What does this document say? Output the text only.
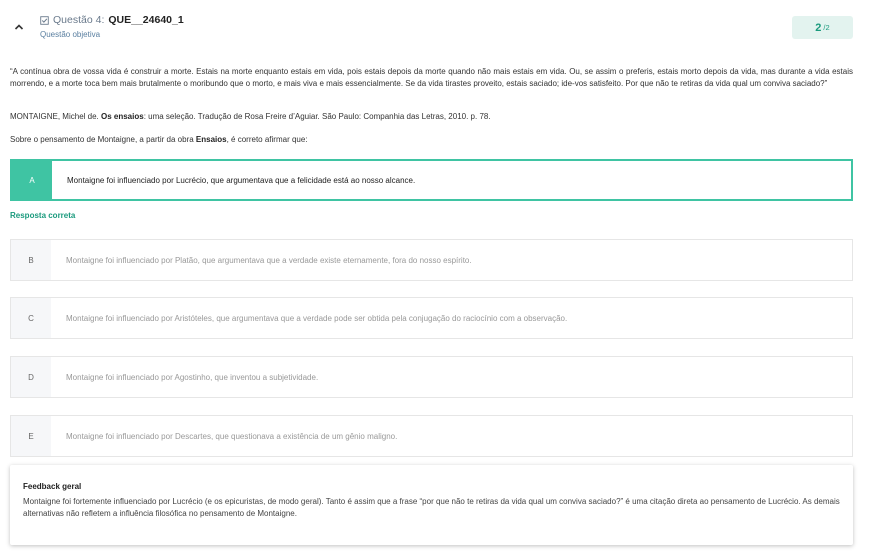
Questão 4: QUE__24640_1
Questão objetiva
2 /2

“A contínua obra de vossa vida é construir a morte. Estais na morte enquanto estais em vida, pois estais depois da morte quando não mais estais em vida. Ou, se assim o preferis, estais morto depois da vida, mas durante a vida estais morrendo, e a morte toca bem mais brutalmente o moribundo que o morto, e mais viva e mais essencialmente. Se da vida tirastes proveito, estais saciado; ide-vos satisfeito. Por que não te retiras da vida qual um conviva saciado?”

MONTAIGNE, Michel de. Os ensaios: uma seleção. Tradução de Rosa Freire d’Aguiar. São Paulo: Companhia das Letras, 2010. p. 78.

Sobre o pensamento de Montaigne, a partir da obra Ensaios, é correto afirmar que:

A	Montaigne foi influenciado por Lucrécio, que argumentava que a felicidade está ao nosso alcance.
Resposta correta
B	Montaigne foi influenciado por Platão, que argumentava que a verdade existe eternamente, fora do nosso espírito.
C	Montaigne foi influenciado por Aristóteles, que argumentava que a verdade pode ser obtida pela conjugação do raciocínio com a observação.
D	Montaigne foi influenciado por Agostinho, que inventou a subjetividade.
E	Montaigne foi influenciado por Descartes, que questionava a existência de um gênio maligno.
Feedback geral

Montaigne foi fortemente influenciado por Lucrécio (e os epicuristas, de modo geral). Tanto é assim que a frase “por que não te retiras da vida qual um conviva saciado?” é uma citação direta ao pensamento de Lucrécio. As demais alternativas não refletem a influência filosófica no pensamento de Montaigne.
